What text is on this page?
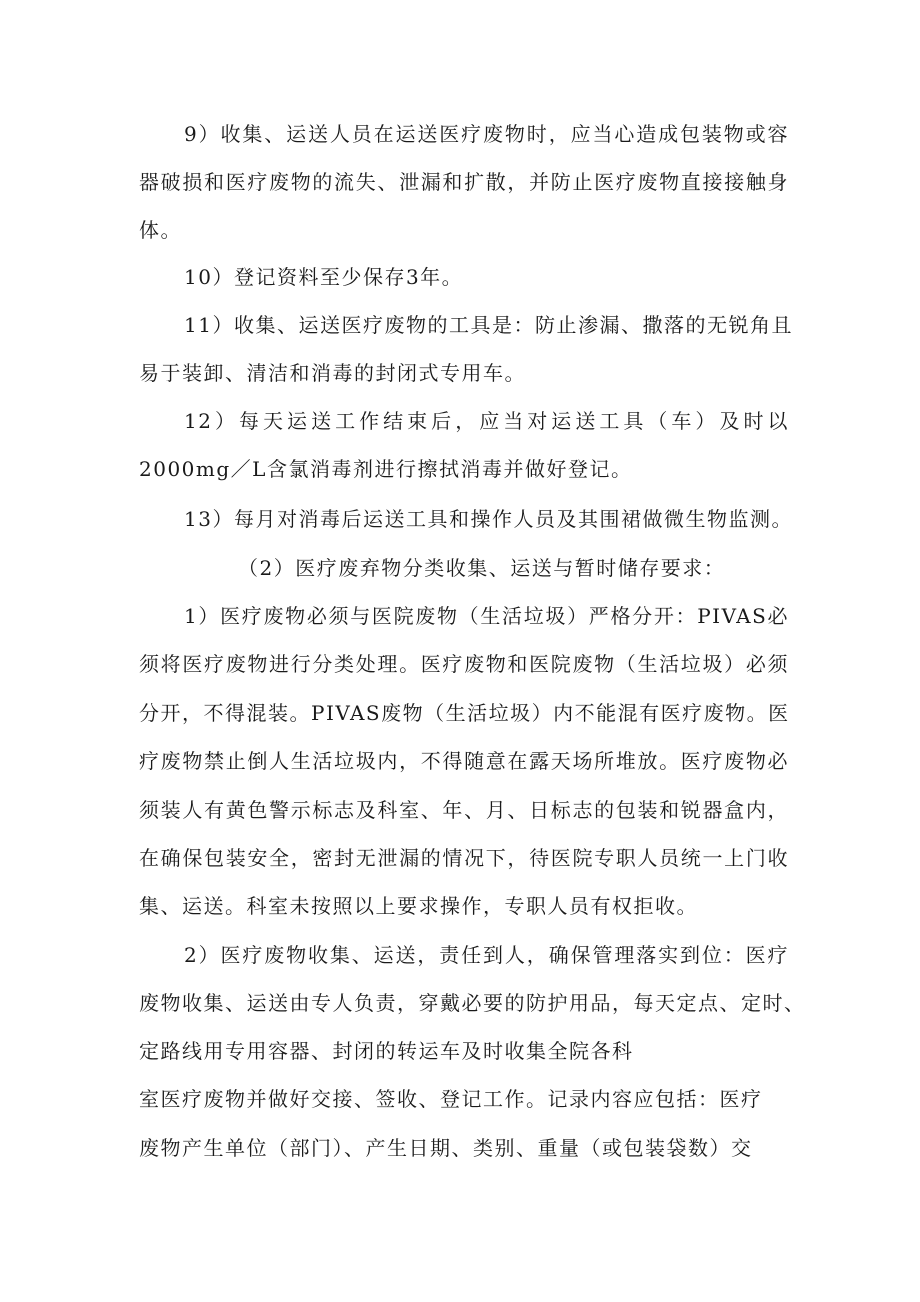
9）收集、运送人员在运送医疗废物时，应当心造成包装物或容
器破损和医疗废物的流失、泄漏和扩散，并防止医疗废物直接接触身
体。
10）登记资料至少保存3年。
11）收集、运送医疗废物的工具是：防止渗漏、撒落的无锐角且
易于装卸、清洁和消毒的封闭式专用车。
12）每天运送工作结束后，应当对运送工具（车）及时以
2000mg／L含氯消毒剂进行擦拭消毒并做好登记。
13）每月对消毒后运送工具和操作人员及其围裙做微生物监测。
（2）医疗废弃物分类收集、运送与暂时储存要求：
1）医疗废物必须与医院废物（生活垃圾）严格分开：PIVAS必
须将医疗废物进行分类处理。医疗废物和医院废物（生活垃圾）必须
分开，不得混装。PIVAS废物（生活垃圾）内不能混有医疗废物。医
疗废物禁止倒人生活垃圾内，不得随意在露天场所堆放。医疗废物必
须装人有黄色警示标志及科室、年、月、日标志的包装和锐器盒内，
在确保包装安全，密封无泄漏的情况下，待医院专职人员统一上门收
集、运送。科室未按照以上要求操作，专职人员有权拒收。
2）医疗废物收集、运送，责任到人，确保管理落实到位：医疗
废物收集、运送由专人负责，穿戴必要的防护用品，每天定点、定时、
定路线用专用容器、封闭的转运车及时收集全院各科
室医疗废物并做好交接、签收、登记工作。记录内容应包括：医疗
废物产生单位（部门）、产生日期、类别、重量（或包装袋数）交
